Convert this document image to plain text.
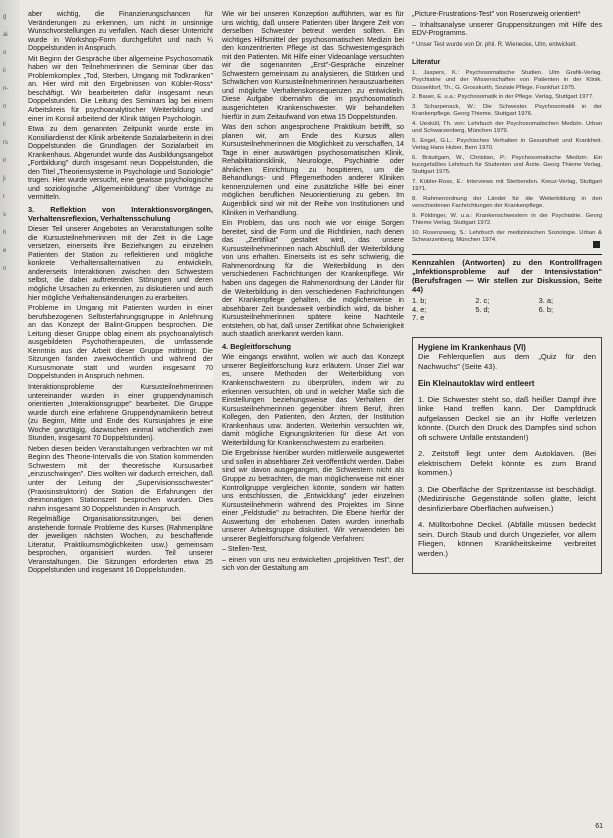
g
ai
o
ii
n-
n
li
rs
ir
ji
r
s
h
e
n

aber wichtig, die Finanzierungschancen für Veränderungen zu erkennen, um nicht in unsinnige Wunschvorstellungen zu verfallen. Nach dieser Unterricht wurde in Workshop-Form durchgeführt und nach ¼ Doppelstunden in Anspruch.

Mit Beginn der Gespräche über allgemeine Psychosomatik haben wir den Teilnehmerinnen die Seminar über das Problemkomplex „Tod, Sterben, Umgang mit Todkranken" an. Hier wird mit den Ergebnissen von Kübler-Ross* beschäftigt. Wir bearbeiteten dafür insgesamt neun Doppelstunden. Die Leitung des Seminars lag bei einem Arbeitskreis für psychoanalytischer Weiterbildung und einer im Konsil arbeitend der Klinik tätigen Psychologin.

Etwa zu dem genannten Zeitpunkt wurde erste im Konsiliardienst der Klinik arbeitende Sozialarbeiterin in drei Doppelstunden die Grundlagen der Sozialarbeit im Krankenhaus. Abgerundet wurde das Ausbildungsangebot „Fortbildung" durch insgesamt neun Doppelstunden, die den Titel „Theoriensysteme in Psychologie und Soziologie" trugen. Hier wurde versucht, eine gewisse psychologische und soziologische „Allgemeinbildung" über Vorträge zu vermitteln.

3. Reflektion von Interaktionsvorgängen, Verhaltensreflexion, Verhaltensschulung

Dieser Teil unserer Angebotes an Veranstaltungen sollte die Kursusteilnehmerinnen mit der Zeit in die Lage versetzen, einerseits ihre Beziehungen zu einzelnen Patienten der Station zu reflektieren und mögliche konkrete Verhaltensalternativen zu entwickeln, andererseits Interaktionen zwischen den Schwestern selbst, die dabei auftretenden Störungen und deren mögliche Ursachen zu erkennen, zu diskutieren und auch hier mögliche Verhaltensänderungen zu erarbeiten.

Probleme im Umgang mit Patienten wurden in einer berufsbezogenen Selbsterfahrungsgruppe in Anlehnung an das Konzept der Balint-Gruppen besprochen. Die Leitung dieser Gruppe oblag einem als psychoanalytisch ausgebildeten Psychotherapeuten, die umfassende Kenntnis aus der Arbeit dieser Gruppe mitbringt. Die Sitzungen fanden zweiwöchentlich und während der Kursusmonate statt und wurden insgesamt 70 Doppelstunden in Anspruch nehmen.

Interaktionsprobleme der Kursusteilnehmerinnen untereinander wurden in einer gruppendynamisch orientierten „Interaktionsgruppe" bearbeitet. Die Gruppe wurde durch eine erfahrene Gruppendynamikerin betreut (zu Beginn, Mitte und Ende des Kursusjahres je eine Woche ganztägig, dazwischen einmal wöchentlich zwei Stunden, insgesamt 70 Doppelstunden).

Neben diesen beiden Veranstaltungen verbrachten wir mit Beginn des Theorie-Intervalls die von Station kommenden Schwestern mit der theoretische Kursusarbeit „einzuschwingen". Dies wollten wir dadurch erreichen, daß unter der Leitung der „Supervisionsschwester" (Praxisinstruktorin) der Station die Erfahrungen der dreimonatigen Stationszeit besprochen wurden. Dies nahm insgesamt 30 Doppelstunden in Anspruch.

Regelmäßige Organisationssitzungen, bei denen anstehende formale Probleme des Kurses (Rahmenpläne der jeweiligen nächsten Wochen, zu beschaffende Literatur, Praktikumsmöglichkeiten usw.) gemeinsam besprochen, organisiert wurden. Teil unserer Veranstaltungen. Die Sitzungen erforderten etwa 25 Doppelstunden und insgesamt 16 Doppelstunden.

Wie wir bei unseren Konzeption aufführten, war es für uns wichtig, daß unsere Patienten über längere Zeit von derselben Schwester betreut werden sollten. Ein wichtiges Hilfsmittel der psychosomatischen Medizin bei den konzentrierten Pflege ist das Schwesterngespräch mit den Patienten. Mit Hilfe einer Videoanlage versuchten wir die sogenannten „Erst"-Gespräche einzelner Schwestern gemeinsam zu analysieren, die Stärken und Schwächen von Kursusteilnehmerinnen herauszuarbeiten und mögliche Verhaltenskonsequenzen zu entwickeln. Diese Aufgabe übernahm die im psychosomatisch ausgerichteten Krankenschwester. Wir behandelten hierfür in zum Zeitaufwand von etwa 15 Doppelstunden.

Was den schon angesprochene Praktikum betrifft, so planen wir, am Ende des Kursus allen Kursusteilnehmerinnen die Möglichkeit zu verschaffen, 14 Tage in einer auswärtigen psychosomatischen Klinik, Rehabilitationsklinik, Neurologie, Psychiatrie oder ähnlichen Einrichtung zu hospitieren, um die Behandlungs- und Pflegemethoden anderer Kliniken kennenzulernen und eine zusätzliche Hilfe bei einer möglichen beruflichen Neuorientierung zu geben. Im Augenblick sind wir mit der Reihe von Institutionen und Kliniken in Verhandlung.

Ein Problem, das uns noch wie vor einige Sorgen bereitet, sind die Form und die Richtlinien, nach denen das „Zertifikat" gestaltet wird, das unsere Kursusteilnehmerinnen nach Abschluß der Weiterbildung von uns erhalten. Einerseits ist es sehr schwierig, die Rahmenordnung für die Weiterbildung in den verschiedenen Fachrichtungen der Krankenpflege. Wir haben uns dagegen die Rahmenordnung der Länder für die Weiterbildung in den verschiedenen Fachrichtungen der Krankenpflege gehalten, die möglicherweise in absehbarer Zeit bundesweit verbindlich wird, da bisher Kursusteilnehmerinnen spätere keine Nachteile entstehen, ob hat, daß unser Zertifikat ohne Schwierigkeit auch staatlich anerkannt werden kann.

4. Begleitforschung

Wie eingangs erwähnt, wollen wir auch das Konzept unserer Begleitforschung kurz erläutern. Unser Ziel war es, unsere Methoden der Weiterbildung von Krankenschwestern zu überprüfen, indem wir zu erkennen versuchten, ob und in welcher Maße sich die Einstellungen beziehungsweise das Verhalten der Kursusteilnehmerinnen gegenüber ihrem Beruf, ihren Kollegen, den Patienten, den Ärzten, der Institution Krankenhaus usw. änderten. Weiterhin versuchten wir, damit mögliche Eignungskriterien für diese Art von Weiterbildung für Krankenschwestern zu erarbeiten.

Die Ergebnisse hierüber wurden mittlerweile ausgewertet und sollen in absehbarer Zeit veröffentlicht werden. Dabei sind wir davon ausgegangen, die Schwestern nicht als Gruppe zu betrachten, die man möglicherweise mit einer Kontrollgruppe vergleichen könnte, sondern wir hatten uns entschlossen, die „Entwicklung" jeder einzelnen Kursusteilnehmerin während des Projektes im Sinne einer „Feldstudie" zu betrachten. Die Ebene hierfür der Auswertung der erhobenen Daten wurden innerhalb unserer Arbeitsgruppe diskutiert. Wir verwendeten bei unserer Begleitforschung folgende Verfahren:

– Stellen-Test,

– einen von uns neu entwickelten „projektiven Test", der sich von der Gestaltung am

„Picture-Frustrations-Test" von Rosenzweig orientiert*

– Inhaltsanalyse unserer Gruppensitzungen mit Hilfe des EDV-Programms.

* Unser Test wurde von Dr. phil. R. Wienecke, Ulm, entwickelt.
Literatur
1. Jaspers, K.: Psychosomatische Studien. Ulm Grafik-Verlag. Psychiatrie und der Wissenschaften von Patienten in der Klinik. Düsseldorf, Th., G. Grosskurth, Soziale Pflege. Frankfurt 1975.
2. Bauer, E. u.a.: Psychosomatik in der Pflege. Verlag, Stuttgart 1977.
3. Scharpenack, W.: Die Schwester. Psychosomatik in der Krankenpflege. Georg Thieme, Stuttgart 1976.
4. Uexküll, Th. von: Lehrbuch der Psychosomatischen Medizin. Urban und Schwarzenberg, München 1979.
5. Engel, G.L.: Psychisches Verhalten in Gesundheit und Krankheit. Verlag Hans Huber, Bern 1970.
6. Bräutigam, W., Christian, P.: Psychosomatische Medizin. Ein kurzgefaßtes Lehrbuch für Studenten und Ärzte. Georg Thieme Verlag, Stuttgart 1975.
7. Kübler-Ross, E.: Interviews mit Sterbenden. Kreuz-Verlag, Stuttgart 1971.
8. Rahmenordnung der Länder für die Weiterbildung in den verschiedenen Fachrichtungen der Krankenpflege.
9. Pöldinger, W. u.a.: Krankenschwestern in der Psychiatrie. Georg Thieme Verlag, Stuttgart 1972.
10. Rosenzweig, S.: Lehrbuch der medizinischen Soziologie. Urban & Schwarzenberg, München 1974.
Kennzahlen (Antworten) zu den Kontrollfragen „Infektionsprobleme auf der Intensivstation" (Berufsfragen — Wir stellen zur Diskussion, Seite 44)
1. b;	2. c;	3. a;
4. e;	5. d;	6. b;
7. e
Hygiene im Krankenhaus (VI)
Die Fehlerquellen aus dem „Quiz für den Nachwuchs" (Seite 43).
Ein Kleinautoklav wird entleert
1. Die Schwester steht so, daß heißer Dampf ihre linke Hand treffen kann. Der Dampfdruck aufgelassen Deckel sie an ihr Hoffe verletzen könnte. (Durch den Druck des Dampfes sind schon oft schwere Unfälle entstanden!)
2. Zeitstoff liegt unter dem Autoklaven. (Bei elektrischem Defekt könnte es zum Brand kommen.)
3. Die Oberfläche der Spritzentasse ist beschädigt. (Medizinische Gegenstände sollen glatte, leicht desinfizierbare Oberflächen aufweisen.)
4. Mülltorbohne Deckel. (Abfälle müssen bedeckt sein. Durch Staub und durch Ungeziefer, vor allem Fliegen, können Krankheitskeime verbreitet werden.)
61
